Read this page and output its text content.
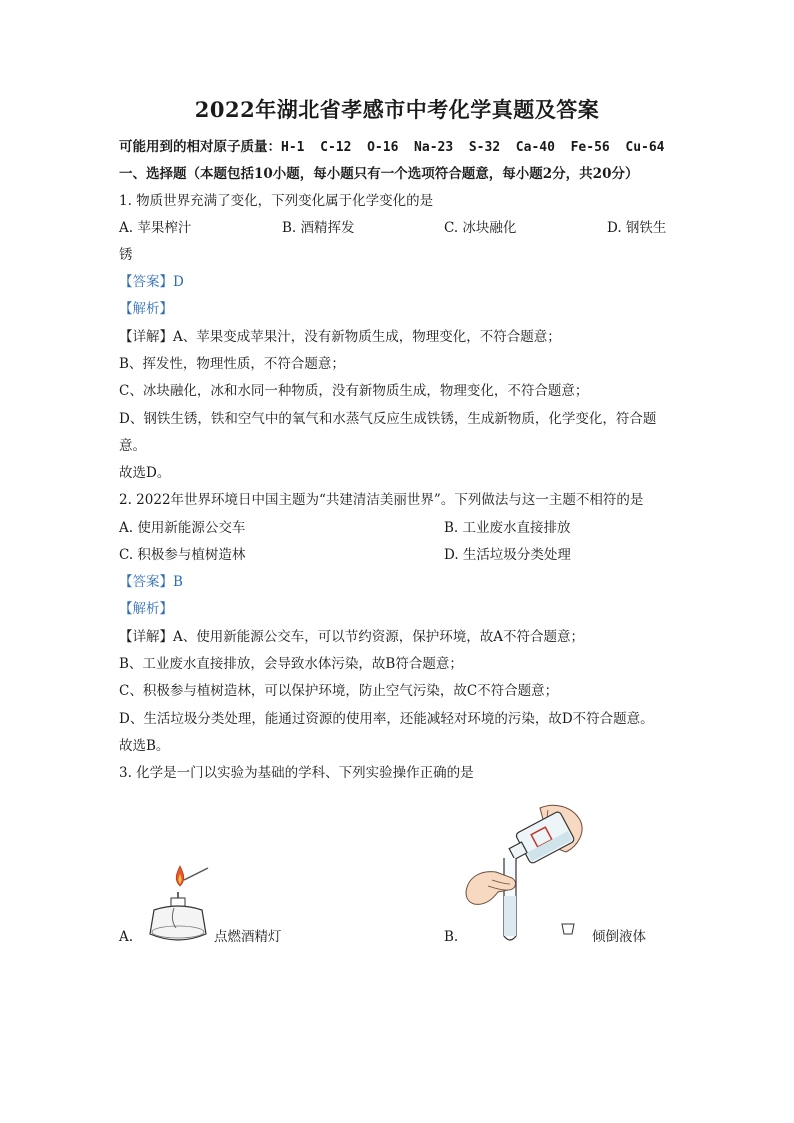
2022年湖北省孝感市中考化学真题及答案
可能用到的相对原子质量：H-1  C-12  O-16  Na-23  S-32  Ca-40  Fe-56  Cu-64
一、选择题（本题包括10小题，每小题只有一个选项符合题意，每小题2分，共20分）
1. 物质世界充满了变化，下列变化属于化学变化的是
A. 苹果榨汁	B. 酒精挥发	C. 冰块融化	D. 钢铁生
锈
【答案】D
【解析】
【详解】A、苹果变成苹果汁，没有新物质生成，物理变化，不符合题意；
B、挥发性，物理性质，不符合题意；
C、冰块融化，冰和水同一种物质，没有新物质生成，物理变化，不符合题意；
D、钢铁生锈，铁和空气中的氧气和水蒸气反应生成铁锈，生成新物质，化学变化，符合题
意。
故选D。
2. 2022年世界环境日中国主题为“共建清洁美丽世界”。下列做法与这一主题不相符的是
A. 使用新能源公交车	B. 工业废水直接排放
C. 积极参与植树造林	D. 生活垃圾分类处理
【答案】B
【解析】
【详解】A、使用新能源公交车，可以节约资源，保护环境，故A不符合题意；
B、工业废水直接排放，会导致水体污染，故B符合题意；
C、积极参与植树造林，可以保护环境，防止空气污染，故C不符合题意；
D、生活垃圾分类处理，能通过资源的使用率，还能减轻对环境的污染，故D不符合题意。
故选B。
3. 化学是一门以实验为基础的学科、下列实验操作正确的是
A.	点燃酒精灯	B.	倾倒液体
